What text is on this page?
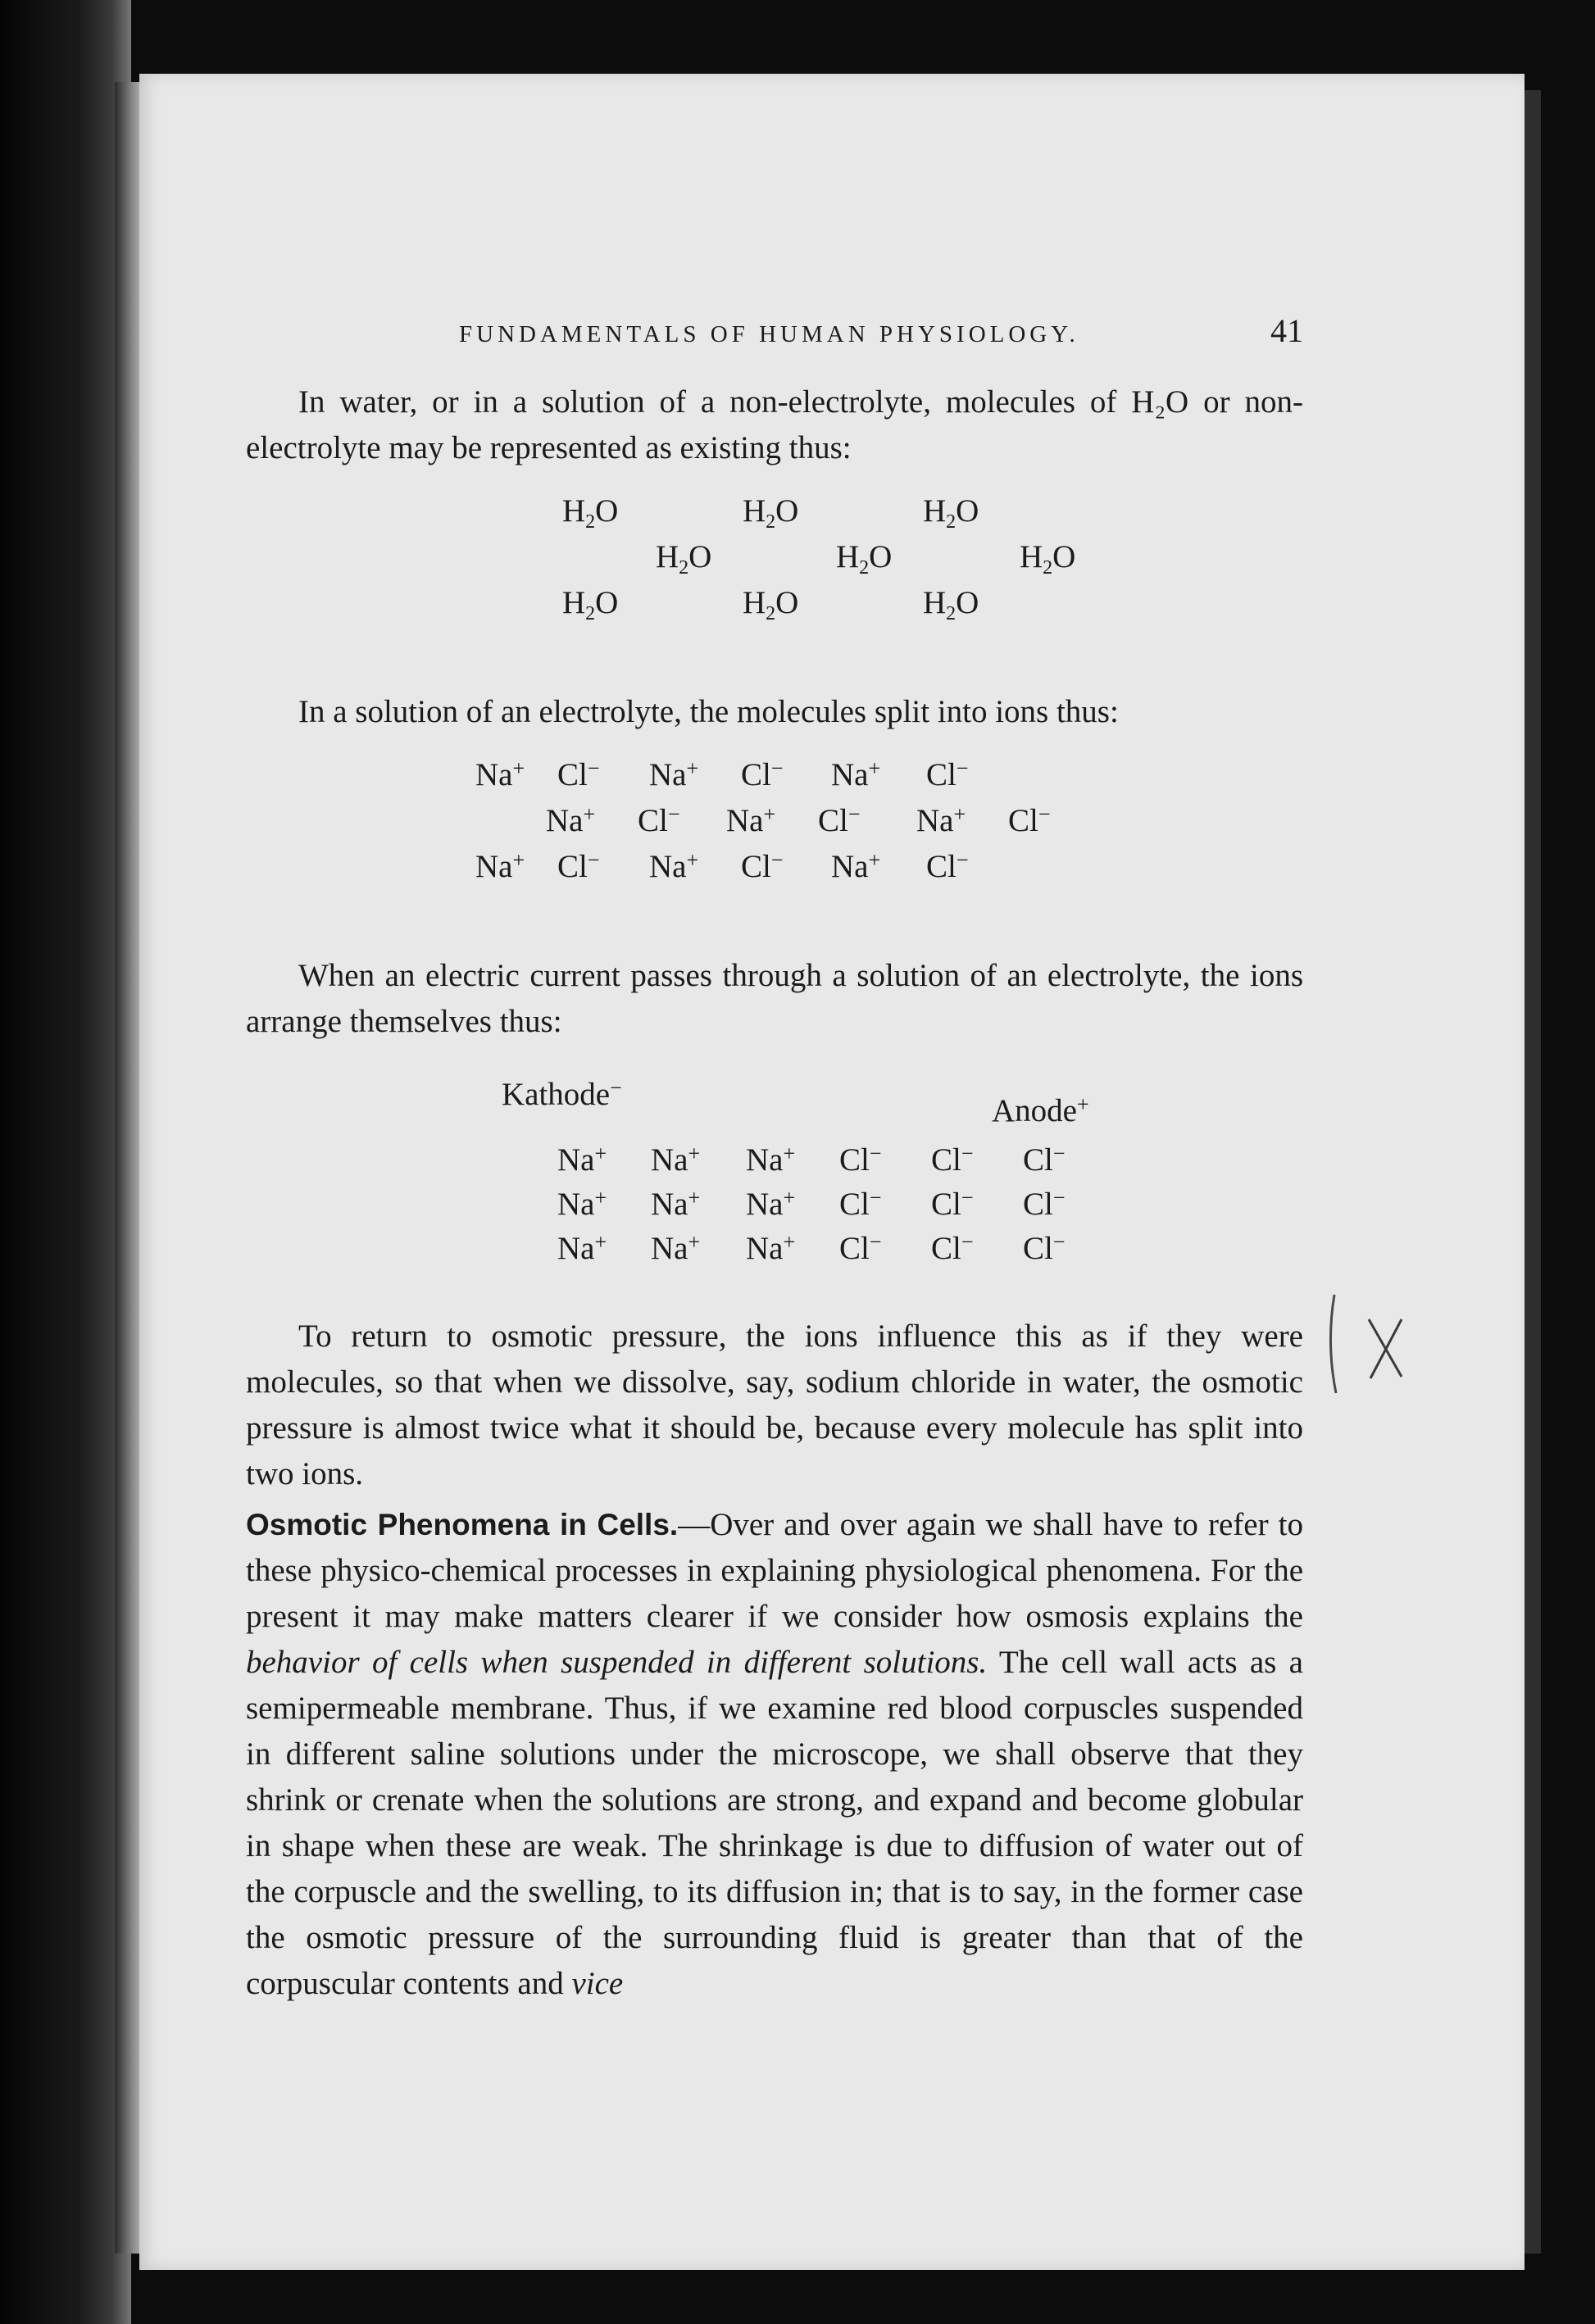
FUNDAMENTALS OF HUMAN PHYSIOLOGY.	41

In water, or in a solution of a non-electrolyte, molecules of H₂O or non-electrolyte may be represented as existing thus:

$H_2O$	$H_2O$	$H_2O$
$H_2O$	$H_2O$	$H_2O$
$H_2O$	$H_2O$	$H_2O$

In a solution of an electrolyte, the molecules split into ions thus:

Na+ Cl− Na+ Cl− Na+ Cl−
Na+ Cl− Na+ Cl− Na+ Cl−
Na+ Cl− Na+ Cl− Na+ Cl−

When an electric current passes through a solution of an electrolyte, the ions arrange themselves thus:

Kathode−
Anode+
Na+ Na+ Na+ Cl− Cl− Cl−
Na+ Na+ Na+ Cl− Cl− Cl−
Na+ Na+ Na+ Cl− Cl− Cl−

To return to osmotic pressure, the ions influence this as if they were molecules, so that when we dissolve, say, sodium chloride in water, the osmotic pressure is almost twice what it should be, because every molecule has split into two ions.

Osmotic Phenomena in Cells.—Over and over again we shall have to refer to these physico-chemical processes in explaining physiological phenomena. For the present it may make matters clearer if we consider how osmosis explains the behavior of cells when suspended in different solutions. The cell wall acts as a semipermeable membrane. Thus, if we examine red blood corpuscles suspended in different saline solutions under the microscope, we shall observe that they shrink or crenate when the solutions are strong, and expand and become globular in shape when these are weak. The shrinkage is due to diffusion of water out of the corpuscle and the swelling, to its diffusion in; that is to say, in the former case the osmotic pressure of the surrounding fluid is greater than that of the corpuscular contents and vice
